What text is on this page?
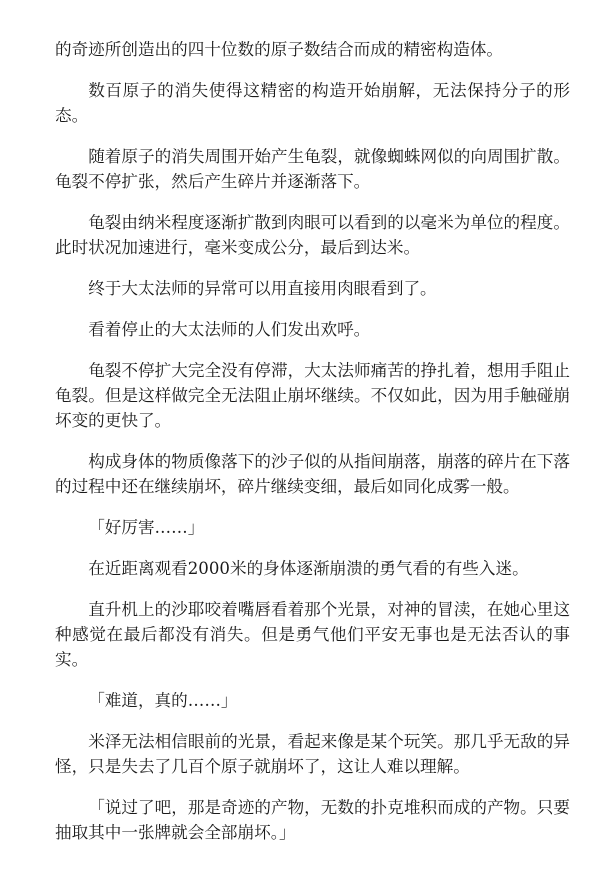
的奇迹所创造出的四十位数的原子数结合而成的精密构造体。

数百原子的消失使得这精密的构造开始崩解，无法保持分子的形态。

随着原子的消失周围开始产生龟裂，就像蜘蛛网似的向周围扩散。龟裂不停扩张，然后产生碎片并逐渐落下。

龟裂由纳米程度逐渐扩散到肉眼可以看到的以毫米为单位的程度。此时状况加速进行，毫米变成公分，最后到达米。

终于大太法师的异常可以用直接用肉眼看到了。

看着停止的大太法师的人们发出欢呼。

龟裂不停扩大完全没有停滞，大太法师痛苦的挣扎着，想用手阻止龟裂。但是这样做完全无法阻止崩坏继续。不仅如此，因为用手触碰崩坏变的更快了。

构成身体的物质像落下的沙子似的从指间崩落，崩落的碎片在下落的过程中还在继续崩坏，碎片继续变细，最后如同化成雾一般。

「好厉害……」

在近距离观看2000米的身体逐渐崩溃的勇气看的有些入迷。

直升机上的沙耶咬着嘴唇看着那个光景，对神的冒渎，在她心里这种感觉在最后都没有消失。但是勇气他们平安无事也是无法否认的事实。

「难道，真的……」

米泽无法相信眼前的光景，看起来像是某个玩笑。那几乎无敌的异怪，只是失去了几百个原子就崩坏了，这让人难以理解。

「说过了吧，那是奇迹的产物，无数的扑克堆积而成的产物。只要抽取其中一张牌就会全部崩坏。」
